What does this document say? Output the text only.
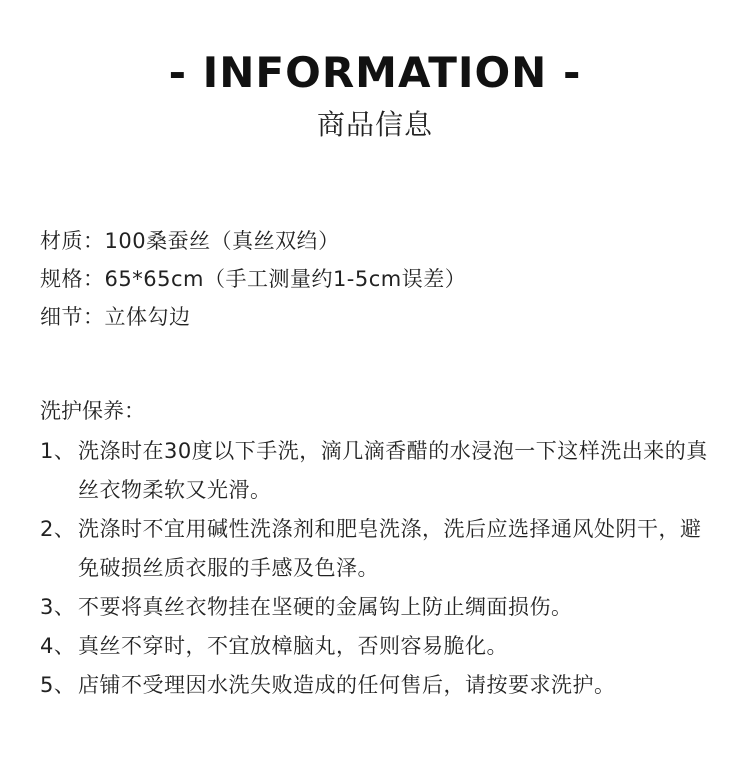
- INFORMATION -
商品信息
材质：100桑蚕丝（真丝双绉）
规格：65*65cm（手工测量约1-5cm误差）
细节：立体勾边
洗护保养：
1、 洗涤时在30度以下手洗，滴几滴香醋的水浸泡一下这样洗出来的真丝衣物柔软又光滑。
2、 洗涤时不宜用碱性洗涤剂和肥皂洗涤，洗后应选择通风处阴干，避免破损丝质衣服的手感及色泽。
3、 不要将真丝衣物挂在坚硬的金属钩上防止绸面损伤。
4、 真丝不穿时，不宜放樟脑丸，否则容易脆化。
5、 店铺不受理因水洗失败造成的任何售后，请按要求洗护。
